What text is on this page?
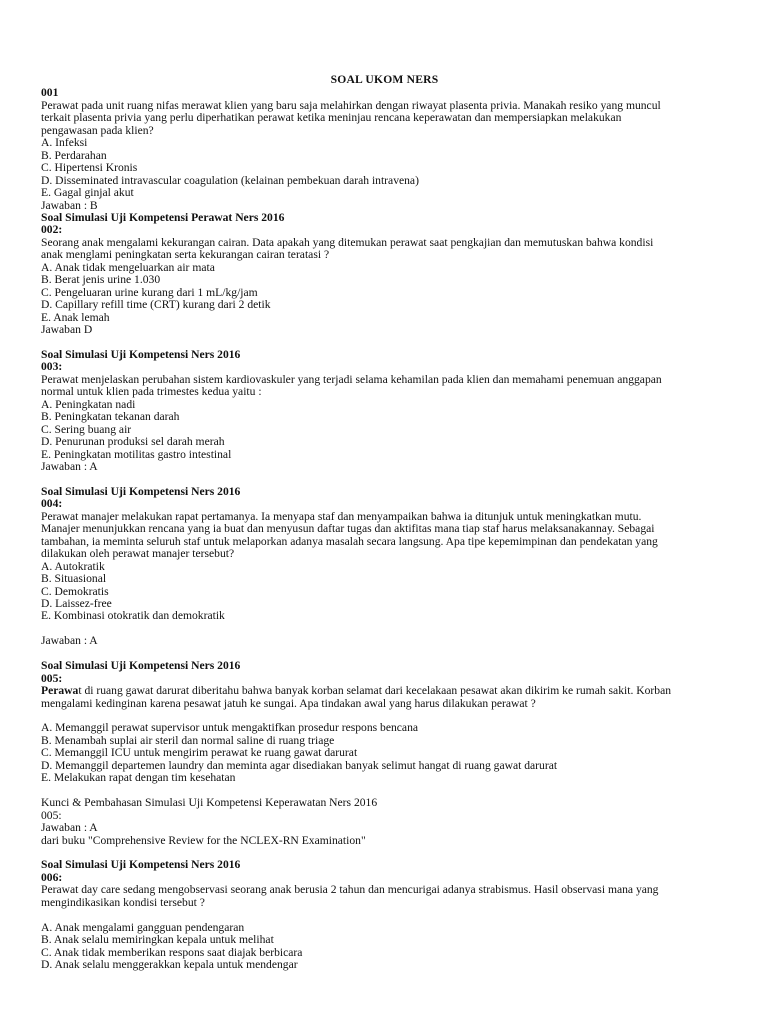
SOAL UKOM NERS
001
Perawat pada unit ruang nifas merawat klien yang baru saja melahirkan dengan riwayat plasenta privia. Manakah resiko yang muncul
terkait plasenta privia yang perlu diperhatikan perawat ketika meninjau rencana keperawatan dan mempersiapkan melakukan
pengawasan pada klien?
A. Infeksi
B. Perdarahan
C. Hipertensi Kronis
D. Disseminated intravascular coagulation (kelainan pembekuan darah intravena)
E. Gagal ginjal akut
Jawaban : B
Soal Simulasi Uji Kompetensi Perawat Ners 2016
002:
Seorang anak mengalami kekurangan cairan. Data apakah yang ditemukan perawat saat pengkajian dan memutuskan bahwa kondisi
anak menglami peningkatan serta kekurangan cairan teratasi ?
A. Anak tidak mengeluarkan air mata
B. Berat jenis urine 1.030
C. Pengeluaran urine kurang dari 1 mL/kg/jam
D. Capillary refill time (CRT) kurang dari 2 detik
E. Anak lemah
Jawaban D
Soal Simulasi Uji Kompetensi Ners 2016
003:
Perawat menjelaskan perubahan sistem kardiovaskuler yang terjadi selama kehamilan pada klien dan memahami penemuan anggapan
normal untuk klien pada trimestes kedua yaitu :
A. Peningkatan nadi
B. Peningkatan tekanan darah
C. Sering buang air
D. Penurunan produksi sel darah merah
E. Peningkatan motilitas gastro intestinal
Jawaban : A
Soal Simulasi Uji Kompetensi Ners 2016
004:
Perawat manajer melakukan rapat pertamanya. Ia menyapa staf dan menyampaikan bahwa ia ditunjuk untuk meningkatkan mutu.
Manajer menunjukkan rencana yang ia buat dan menyusun daftar tugas dan aktifitas mana tiap staf harus melaksanakannay. Sebagai
tambahan, ia meminta seluruh staf untuk melaporkan adanya masalah secara langsung. Apa tipe kepemimpinan dan pendekatan yang
dilakukan oleh perawat manajer tersebut?
A. Autokratik
B. Situasional
C. Demokratis
D. Laissez-free
E. Kombinasi otokratik dan demokratik
Jawaban : A
Soal Simulasi Uji Kompetensi Ners 2016
005:
Perawat di ruang gawat darurat diberitahu bahwa banyak korban selamat dari kecelakaan pesawat akan dikirim ke rumah sakit. Korban
mengalami kedinginan karena pesawat jatuh ke sungai. Apa tindakan awal yang harus dilakukan perawat ?
A. Memanggil perawat supervisor untuk mengaktifkan prosedur respons bencana
B. Menambah suplai air steril dan normal saline di ruang triage
C. Memanggil ICU untuk mengirim perawat ke ruang gawat darurat
D. Memanggil departemen laundry dan meminta agar disediakan banyak selimut hangat di ruang gawat darurat
E. Melakukan rapat dengan tim kesehatan
Kunci & Pembahasan Simulasi Uji Kompetensi Keperawatan Ners 2016
005:
Jawaban : A
dari buku "Comprehensive Review for the NCLEX-RN Examination"
Soal Simulasi Uji Kompetensi Ners 2016
006:
Perawat day care sedang mengobservasi seorang anak berusia 2 tahun dan mencurigai adanya strabismus. Hasil observasi mana yang
mengindikasikan kondisi tersebut ?
A. Anak mengalami gangguan pendengaran
B. Anak selalu memiringkan kepala untuk melihat
C. Anak tidak memberikan respons saat diajak berbicara
D. Anak selalu menggerakkan kepala untuk mendengar
